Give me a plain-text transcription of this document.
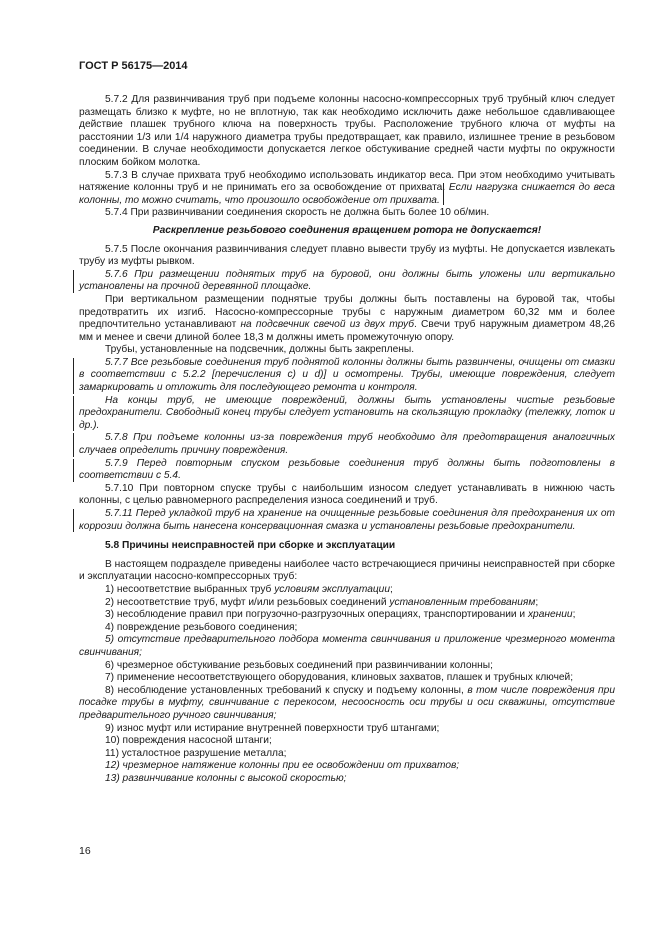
ГОСТ Р 56175—2014

5.7.2 Для развинчивания труб при подъеме колонны насосно-компрессорных труб трубный ключ следует размещать близко к муфте, но не вплотную, так как необходимо исключить даже небольшое сдавливающее действие плашек трубного ключа на поверхность трубы. Расположение трубного ключа от муфты на расстоянии 1/3 или 1/4 наружного диаметра трубы предотвращает, как правило, излишнее трение в резьбовом соединении. В случае необходимости допускается легкое обстукивание средней части муфты по окружности плоским бойком молотка.

5.7.3 В случае прихвата труб необходимо использовать индикатор веса. При этом необходимо учитывать натяжение колонны труб и не принимать его за освобождение от прихвата. Если нагрузка снижается до веса колонны, то можно считать, что произошло освобождение от прихвата.

5.7.4 При развинчивании соединения скорость не должна быть более 10 об/мин.

Раскрепление резьбового соединения вращением ротора не допускается!

5.7.5 После окончания развинчивания следует плавно вывести трубу из муфты. Не допускается извлекать трубу из муфты рывком.

5.7.6 При размещении поднятых труб на буровой, они должны быть уложены или вертикально установлены на прочной деревянной площадке.

При вертикальном размещении поднятые трубы должны быть поставлены на буровой так, чтобы предотвратить их изгиб. Насосно-компрессорные трубы с наружным диаметром 60,32 мм и более предпочтительно устанавливают на подсвечник свечой из двух труб. Свечи труб наружным диаметром 48,26 мм и менее и свечи длиной более 18,3 м должны иметь промежуточную опору.

Трубы, установленные на подсвечник, должны быть закреплены.

5.7.7 Все резьбовые соединения труб поднятой колонны должны быть развинчены, очищены от смазки в соответствии с 5.2.2 [перечисления с) и d)] и осмотрены. Трубы, имеющие повреждения, следует замаркировать и отложить для последующего ремонта и контроля.

На концы труб, не имеющие повреждений, должны быть установлены чистые резьбовые предохранители. Свободный конец трубы следует установить на скользящую прокладку (тележку, лоток и др.).

5.7.8 При подъеме колонны из-за повреждения труб необходимо для предотвращения аналогичных случаев определить причину повреждения.

5.7.9 Перед повторным спуском резьбовые соединения труб должны быть подготовлены в соответствии с 5.4.

5.7.10 При повторном спуске трубы с наибольшим износом следует устанавливать в нижнюю часть колонны, с целью равномерного распределения износа соединений и труб.

5.7.11 Перед укладкой труб на хранение на очищенные резьбовые соединения для предохранения их от коррозии должна быть нанесена консервационная смазка и установлены резьбовые предохранители.

5.8 Причины неисправностей при сборке и эксплуатации

В настоящем подразделе приведены наиболее часто встречающиеся причины неисправностей при сборке и эксплуатации насосно-компрессорных труб:

1) несоответствие выбранных труб условиям эксплуатации;

2) несоответствие труб, муфт и/или резьбовых соединений установленным требованиям;

3) несоблюдение правил при погрузочно-разгрузочных операциях, транспортировании и хранении;

4) повреждение резьбового соединения;

5) отсутствие предварительного подбора момента свинчивания и приложение чрезмерного момента свинчивания;

6) чрезмерное обстукивание резьбовых соединений при развинчивании колонны;

7) применение несоответствующего оборудования, клиновых захватов, плашек и трубных ключей;

8) несоблюдение установленных требований к спуску и подъему колонны, в том числе повреждения при посадке трубы в муфту, свинчивание с перекосом, несоосность оси трубы и оси скважины, отсутствие предварительного ручного свинчивания;

9) износ муфт или истирание внутренней поверхности труб штангами;

10) повреждения насосной штанги;

11) усталостное разрушение металла;

12) чрезмерное натяжение колонны при ее освобождении от прихватов;

13) развинчивание колонны с высокой скоростью;

16
